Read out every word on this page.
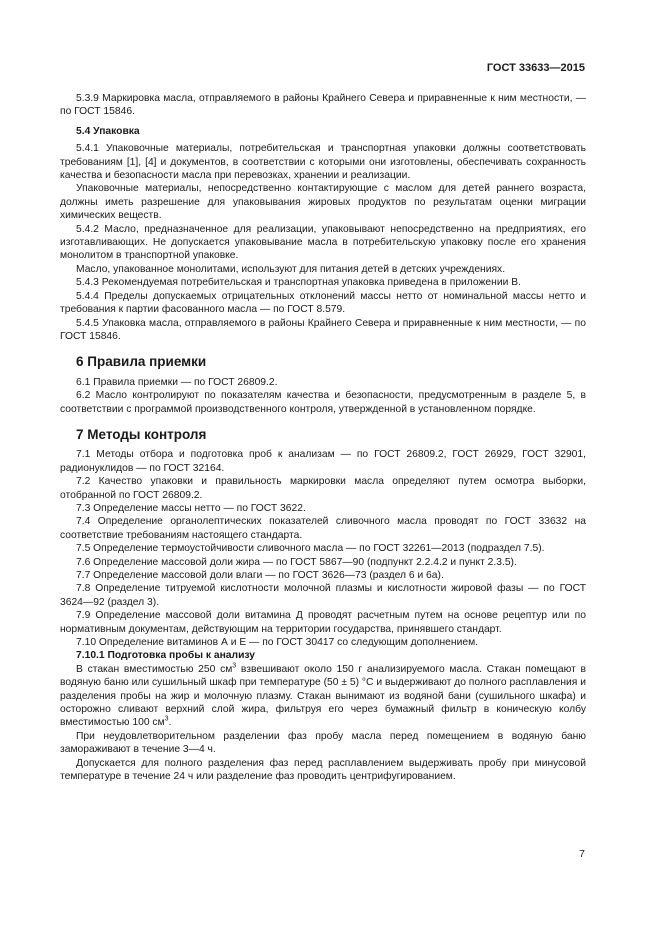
ГОСТ 33633—2015

5.3.9 Маркировка масла, отправляемого в районы Крайнего Севера и приравненные к ним местности, — по ГОСТ 15846.

5.4 Упаковка

5.4.1 Упаковочные материалы, потребительская и транспортная упаковки должны соответствовать требованиям [1], [4] и документов, в соответствии с которыми они изготовлены, обеспечивать сохранность качества и безопасности масла при перевозках, хранении и реализации.

Упаковочные материалы, непосредственно контактирующие с маслом для детей раннего возраста, должны иметь разрешение для упаковывания жировых продуктов по результатам оценки миграции химических веществ.

5.4.2 Масло, предназначенное для реализации, упаковывают непосредственно на предприятиях, его изготавливающих. Не допускается упаковывание масла в потребительскую упаковку после его хранения монолитом в транспортной упаковке.

Масло, упакованное монолитами, используют для питания детей в детских учреждениях.

5.4.3 Рекомендуемая потребительская и транспортная упаковка приведена в приложении В.

5.4.4 Пределы допускаемых отрицательных отклонений массы нетто от номинальной массы нетто и требования к партии фасованного масла — по ГОСТ 8.579.

5.4.5 Упаковка масла, отправляемого в районы Крайнего Севера и приравненные к ним местности, — по ГОСТ 15846.

6 Правила приемки

6.1 Правила приемки — по ГОСТ 26809.2.

6.2 Масло контролируют по показателям качества и безопасности, предусмотренным в разделе 5, в соответствии с программой производственного контроля, утвержденной в установленном порядке.

7 Методы контроля

7.1 Методы отбора и подготовка проб к анализам — по ГОСТ 26809.2, ГОСТ 26929, ГОСТ 32901, радионуклидов — по ГОСТ 32164.

7.2 Качество упаковки и правильность маркировки масла определяют путем осмотра выборки, отобранной по ГОСТ 26809.2.

7.3 Определение массы нетто — по ГОСТ 3622.

7.4 Определение органолептических показателей сливочного масла проводят по ГОСТ 33632 на соответствие требованиям настоящего стандарта.

7.5 Определение термоустойчивости сливочного масла — по ГОСТ 32261—2013 (подраздел 7.5).

7.6 Определение массовой доли жира — по ГОСТ 5867—90 (подпункт 2.2.4.2 и пункт 2.3.5).

7.7 Определение массовой доли влаги — по ГОСТ 3626—73 (раздел 6 и 6а).

7.8 Определение титруемой кислотности молочной плазмы и кислотности жировой фазы — по ГОСТ 3624—92 (раздел 3).

7.9 Определение массовой доли витамина Д проводят расчетным путем на основе рецептур или по нормативным документам, действующим на территории государства, принявшего стандарт.

7.10 Определение витаминов А и Е — по ГОСТ 30417 со следующим дополнением.

7.10.1 Подготовка пробы к анализу

В стакан вместимостью 250 $см^3$ взвешивают около 150 г анализируемого масла. Стакан помещают в водяную баню или сушильный шкаф при температуре (50 ± 5) °С и выдерживают до полного расплавления и разделения пробы на жир и молочную плазму. Стакан вынимают из водяной бани (сушильного шкафа) и осторожно сливают верхний слой жира, фильтруя его через бумажный фильтр в коническую колбу вместимостью 100 $см^3$.

При неудовлетворительном разделении фаз пробу масла перед помещением в водяную баню замораживают в течение 3—4 ч.

Допускается для полного разделения фаз перед расплавлением выдерживать пробу при минусовой температуре в течение 24 ч или разделение фаз проводить центрифугированием.

7
